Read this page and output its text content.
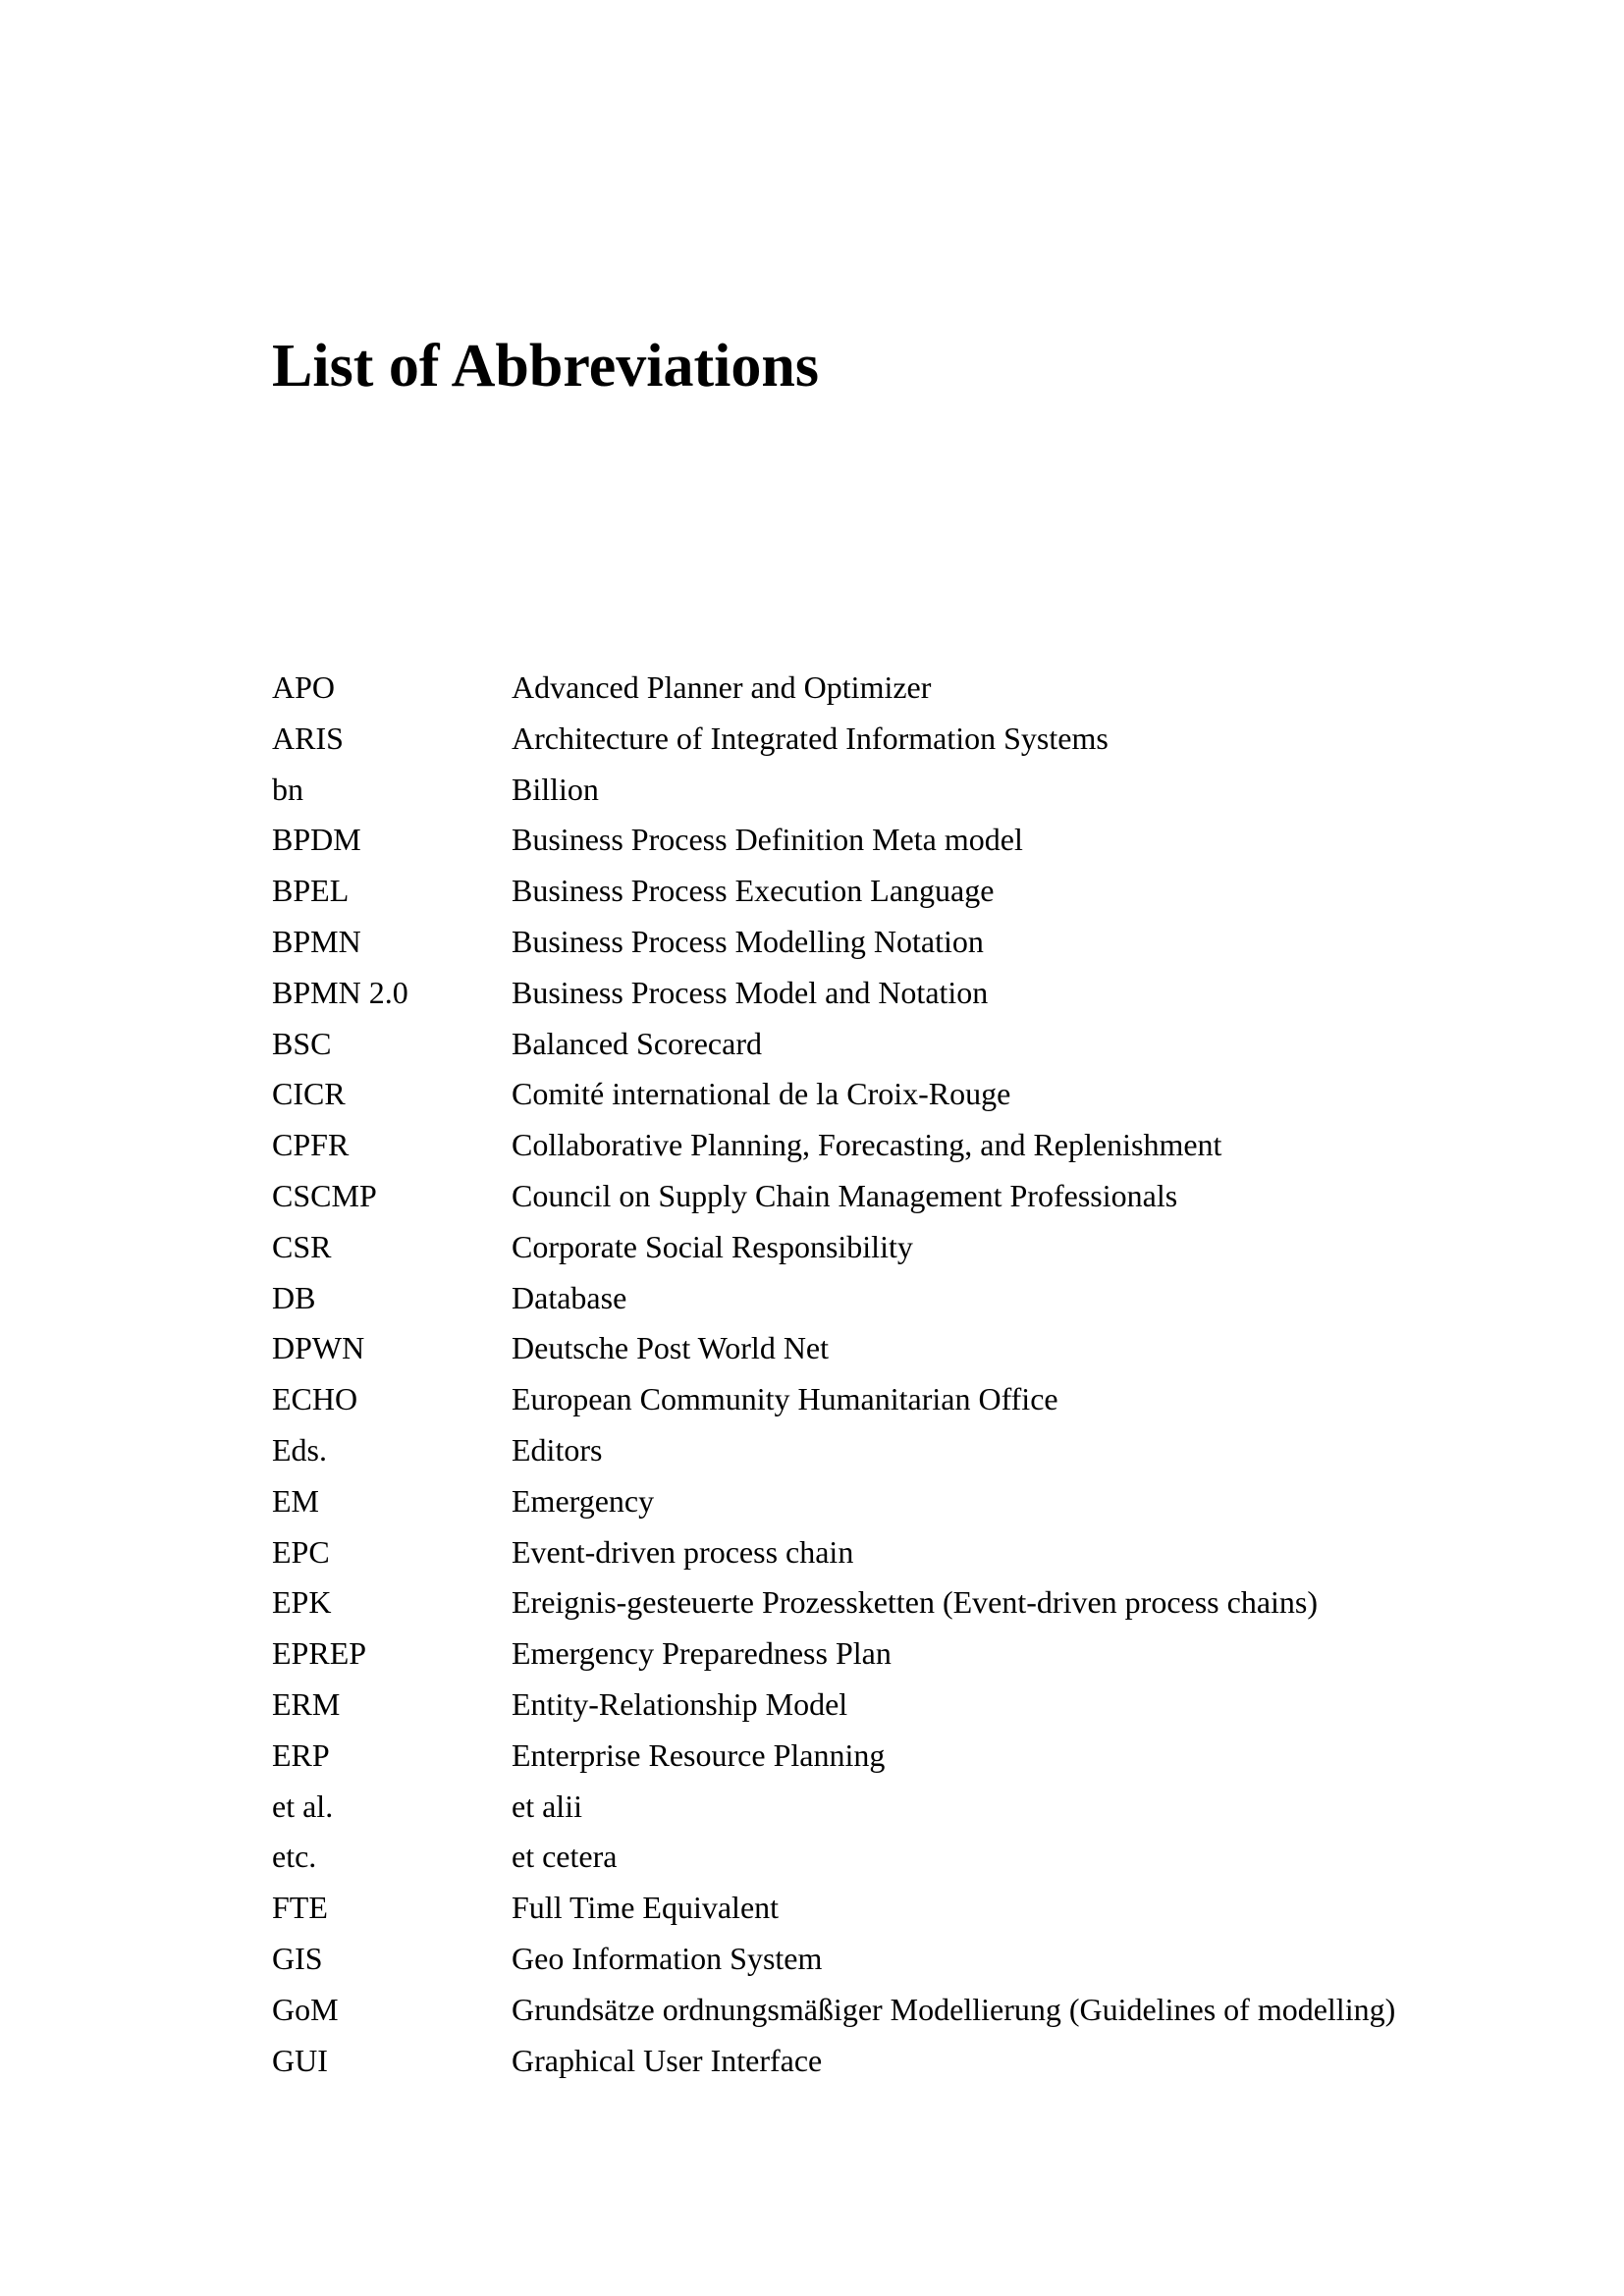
List of Abbreviations
APO	Advanced Planner and Optimizer
ARIS	Architecture of Integrated Information Systems
bn	Billion
BPDM	Business Process Definition Meta model
BPEL	Business Process Execution Language
BPMN	Business Process Modelling Notation
BPMN 2.0	Business Process Model and Notation
BSC	Balanced Scorecard
CICR	Comité international de la Croix-Rouge
CPFR	Collaborative Planning, Forecasting, and Replenishment
CSCMP	Council on Supply Chain Management Professionals
CSR	Corporate Social Responsibility
DB	Database
DPWN	Deutsche Post World Net
ECHO	European Community Humanitarian Office
Eds.	Editors
EM	Emergency
EPC	Event-driven process chain
EPK	Ereignis-gesteuerte Prozessketten (Event-driven process chains)
EPREP	Emergency Preparedness Plan
ERM	Entity-Relationship Model
ERP	Enterprise Resource Planning
et al.	et alii
etc.	et cetera
FTE	Full Time Equivalent
GIS	Geo Information System
GoM	Grundsätze ordnungsmäßiger Modellierung (Guidelines of modelling)
GUI	Graphical User Interface
